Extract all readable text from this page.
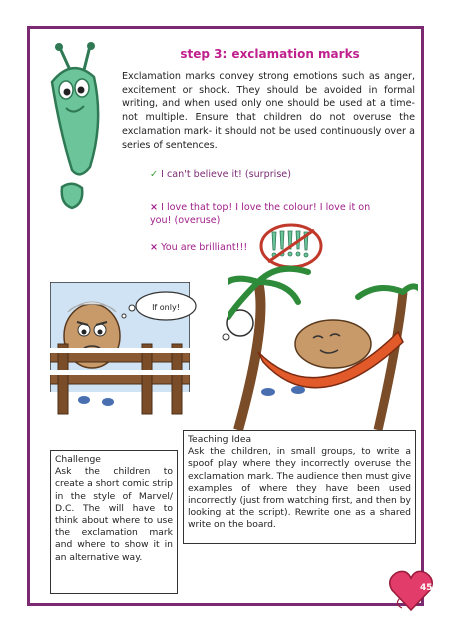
step 3: exclamation marks
Exclamation marks convey strong emotions such as anger, excitement or shock. They should be avoided in formal writing, and when used only one should be used at a time- not multiple. Ensure that children do not overuse the exclamation mark- it should not be used continuously over a series of sentences.
✓ I can't believe it! (surprise)
× I love that top! I love the colour! I love it on you! (overuse)
× You are brilliant!!!
If only!
Challenge
Ask the children to create a short comic strip in the style of Marvel/ D.C. The will have to think about where to use the exclamation mark and where to show it in an alternative way.
Teaching Idea
Ask the children, in small groups, to write a spoof play where they incorrectly overuse the exclamation mark. The audience then must give examples of where they have been used incorrectly (just from watching first, and then by looking at the script). Rewrite one as a shared write on the board.
45
